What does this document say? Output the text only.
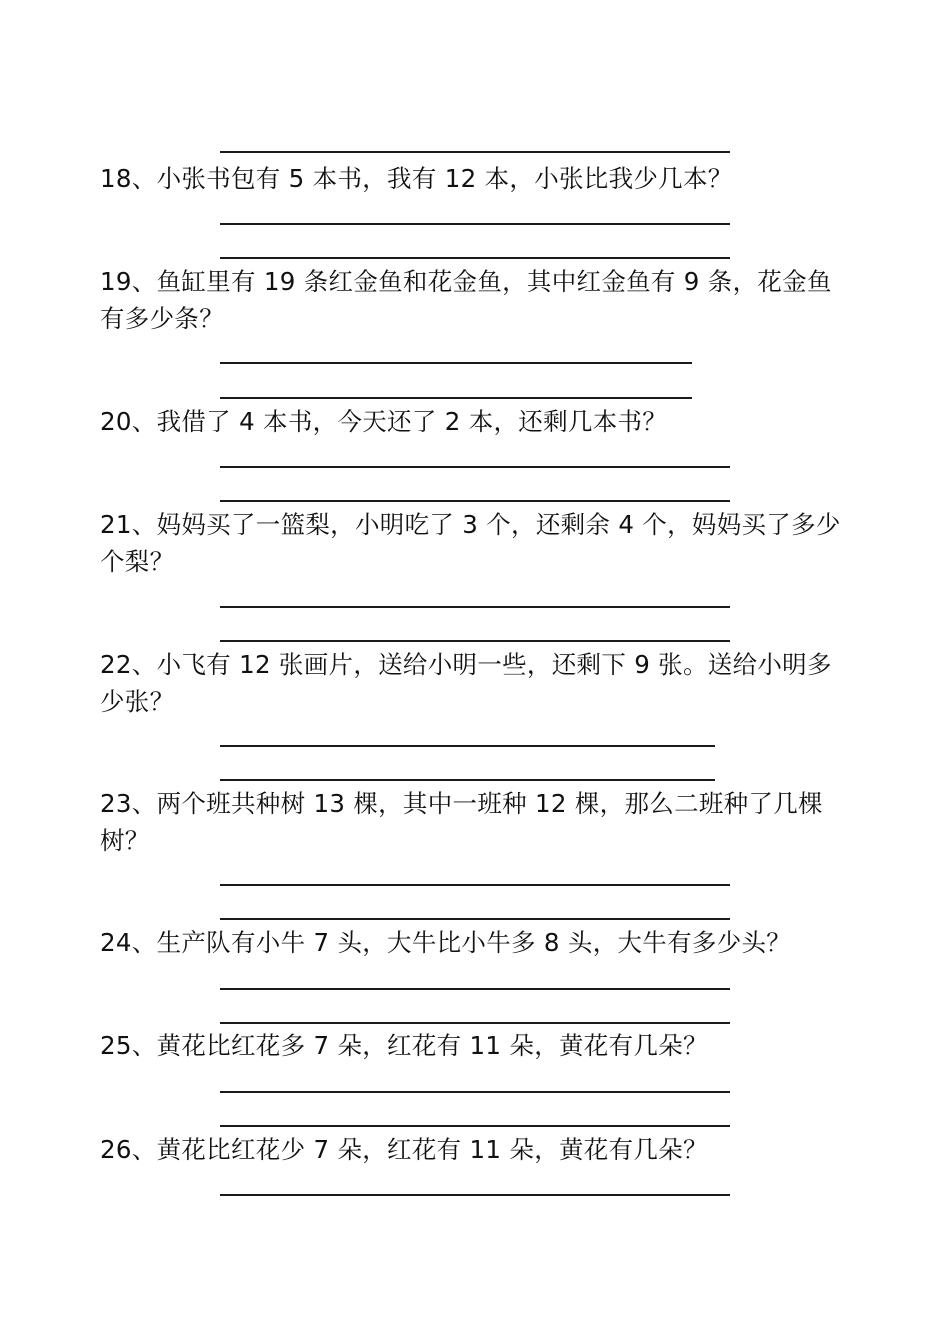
18、小张书包有 5 本书，我有 12 本，小张比我少几本？
19、鱼缸里有 19 条红金鱼和花金鱼，其中红金鱼有 9 条，花金鱼有多少条？
20、我借了 4 本书，今天还了 2 本，还剩几本书？
21、妈妈买了一篮梨，小明吃了 3 个，还剩余 4 个，妈妈买了多少个梨？
22、小飞有 12 张画片，送给小明一些，还剩下 9 张。送给小明多少张？
23、两个班共种树 13 棵，其中一班种 12 棵，那么二班种了几棵树？
24、生产队有小牛 7 头，大牛比小牛多 8 头，大牛有多少头？
25、黄花比红花多 7 朵，红花有 11 朵，黄花有几朵？
26、黄花比红花少 7 朵，红花有 11 朵，黄花有几朵？
